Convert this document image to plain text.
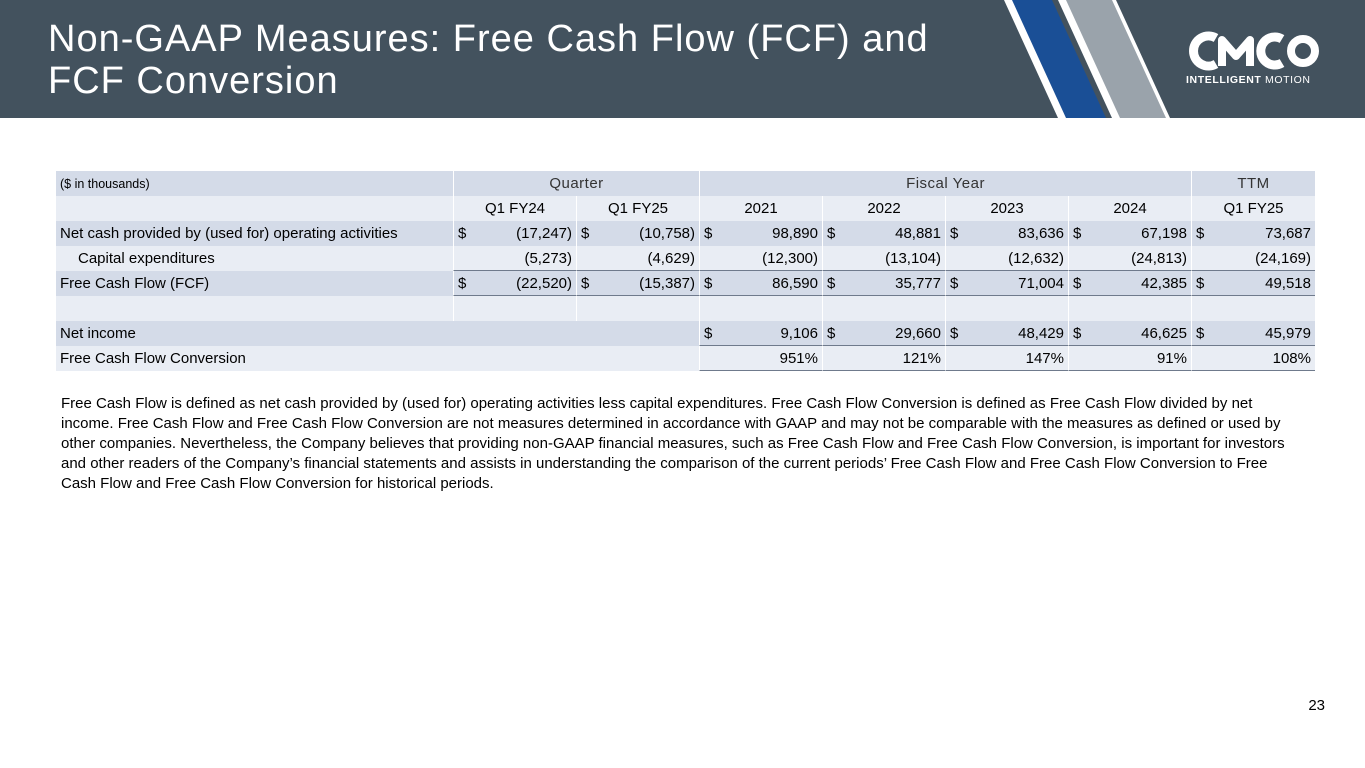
Non-GAAP Measures: Free Cash Flow (FCF) and FCF Conversion	INTELLIGENT MOTION
($ in thousands)	Quarter		Fiscal Year				TTM
	Q1 FY24	Q1 FY25	2021	2022	2023	2024	Q1 FY25
Net cash provided by (used for) operating activities	$ (17,247)	$ (10,758)	$ 98,890	$ 48,881	$ 83,636	$ 67,198	$ 73,687

Capital expenditures	(5,273)	(4,629)	(12,300)	(13,104)	(12,632)	(24,813)	(24,169)
Free Cash Flow (FCF)	$ (22,520)	$ (15,387)	$ 86,590	$ 35,777	$ 71,004	$ 42,385	$ 49,518

Net income			$ 9,106	$ 29,660	$ 48,429	$ 46,625	$ 45,979

Free Cash Flow Conversion			951%	121%	147%	91%	108%
Free Cash Flow is defined as net cash provided by (used for) operating activities less capital expenditures. Free Cash Flow Conversion is defined as Free Cash Flow divided by net income. Free Cash Flow and Free Cash Flow Conversion are not measures determined in accordance with GAAP and may not be comparable with the measures as defined or used by other companies. Nevertheless, the Company believes that providing non-GAAP financial measures, such as Free Cash Flow and Free Cash Flow Conversion, is important for investors and other readers of the Company’s financial statements and assists in understanding the comparison of the current periods’ Free Cash Flow and Free Cash Flow Conversion to Free Cash Flow and Free Cash Flow Conversion for historical periods.
23
